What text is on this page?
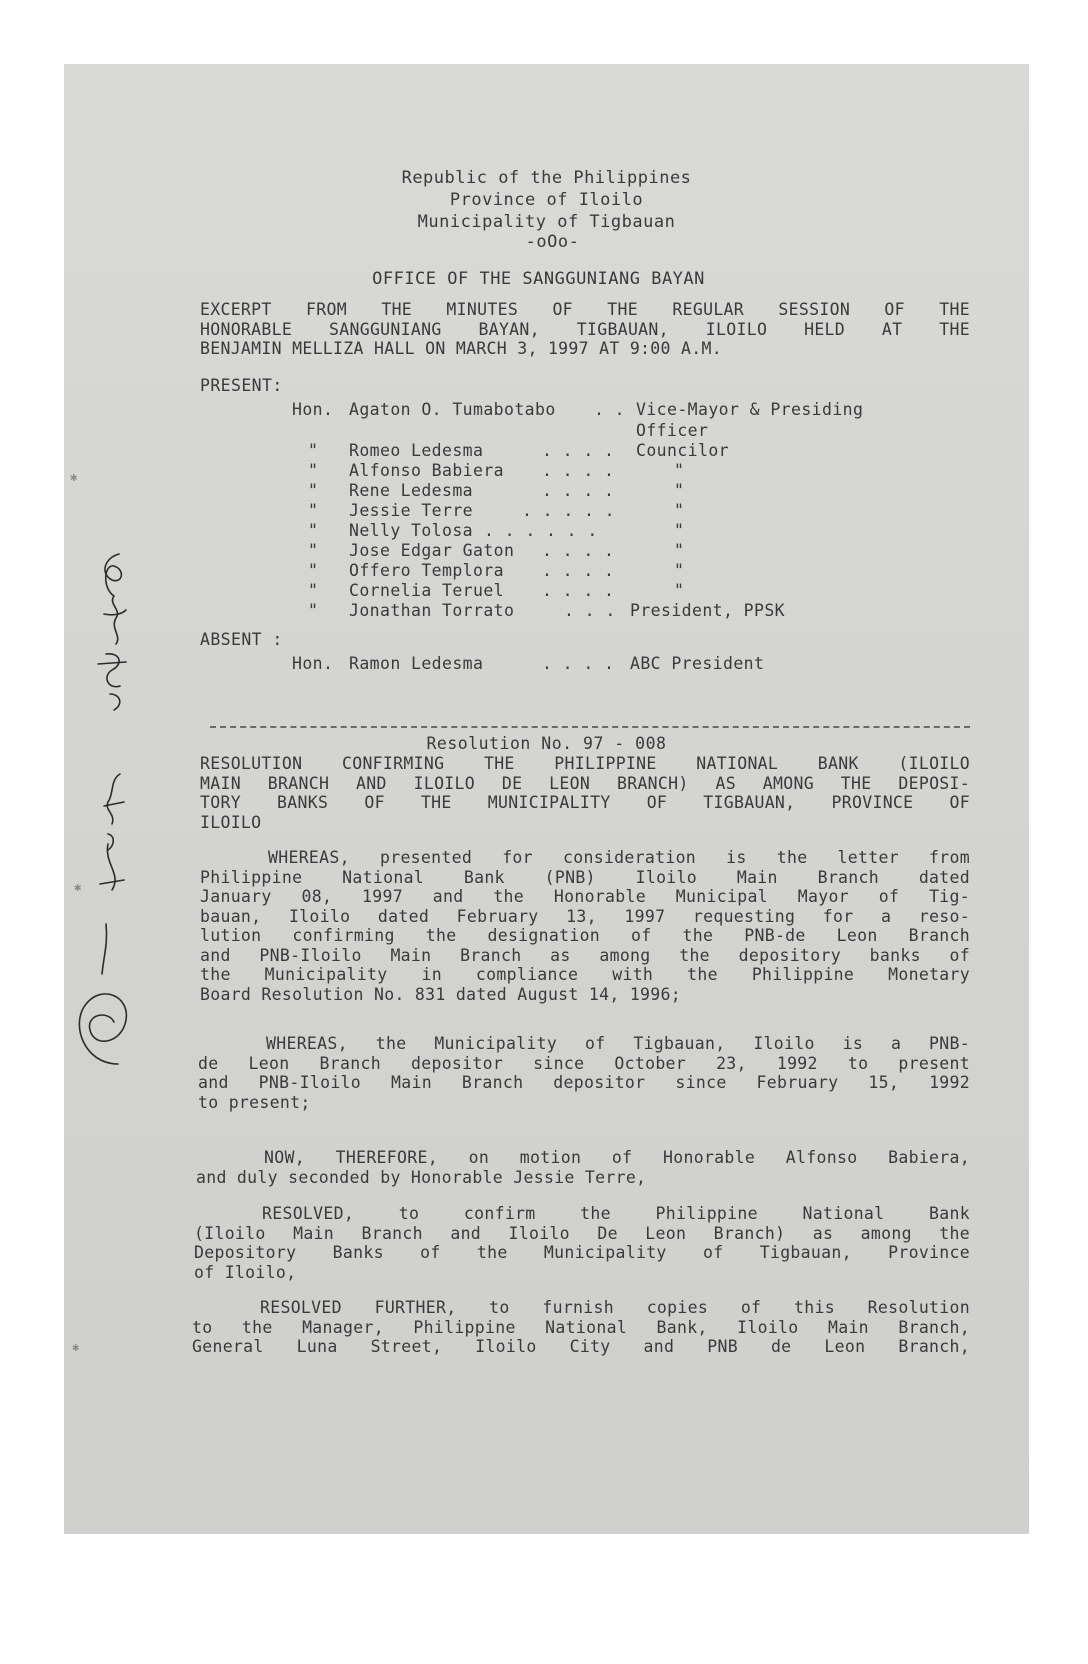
Republic of the Philippines
Province of Iloilo
Municipality of Tigbauan
-oOo-
OFFICE OF THE SANGGUNIANG BAYAN
EXCERPT FROM THE MINUTES OF THE REGULAR SESSION OF THE
HONORABLE SANGGUNIANG BAYAN, TIGBAUAN, ILOILO HELD AT THE
BENJAMIN MELLIZA HALL ON MARCH 3, 1997 AT 9:00 A.M.
PRESENT:
Hon. Agaton O. Tumabotabo . . Vice-Mayor & Presiding
Officer
" Romeo Ledesma	. . . . Councilor
" Alfonso Babiera . . . .	"
" Rene Ledesma	. . . .	"
" Jessie Terre	. . . . .	"
" Nelly Tolosa . . . . . .	"
" Jose Edgar Gaton . . . .	"
" Offero Templora . . . .	"
" Cornelia Teruel . . . .	"
" Jonathan Torrato	. . . President, PPSK
ABSENT :
Hon. Ramon Ledesma	. . . . ABC President
Resolution No. 97 - 008
RESOLUTION CONFIRMING THE PHILIPPINE NATIONAL BANK (ILOILO
MAIN BRANCH AND ILOILO DE LEON BRANCH) AS AMONG THE DEPOSI-
TORY BANKS OF THE MUNICIPALITY OF TIGBAUAN, PROVINCE OF
ILOILO
WHEREAS, presented for consideration is the letter from
Philippine National Bank (PNB) Iloilo Main Branch dated
January 08, 1997 and the Honorable Municipal Mayor of Tig-
bauan, Iloilo dated February 13, 1997 requesting for a reso-
lution confirming the designation of the PNB-de Leon Branch
and PNB-Iloilo Main Branch as among the depository banks of
the Municipality in compliance with the Philippine Monetary
Board Resolution No. 831 dated August 14, 1996;
WHEREAS, the Municipality of Tigbauan, Iloilo is a PNB-
de Leon Branch depositor since October 23, 1992 to present
and PNB-Iloilo Main Branch depositor since February 15, 1992
to present;
NOW, THEREFORE, on motion of Honorable Alfonso Babiera,
and duly seconded by Honorable Jessie Terre,
RESOLVED, to confirm the Philippine National Bank
(Iloilo Main Branch and Iloilo De Leon Branch) as among the
Depository Banks of the Municipality of Tigbauan, Province
of Iloilo,
RESOLVED FURTHER, to furnish copies of this Resolution
to the Manager, Philippine National Bank, Iloilo Main Branch,
General Luna Street, Iloilo City and PNB de Leon Branch,
✱
✱
✱
